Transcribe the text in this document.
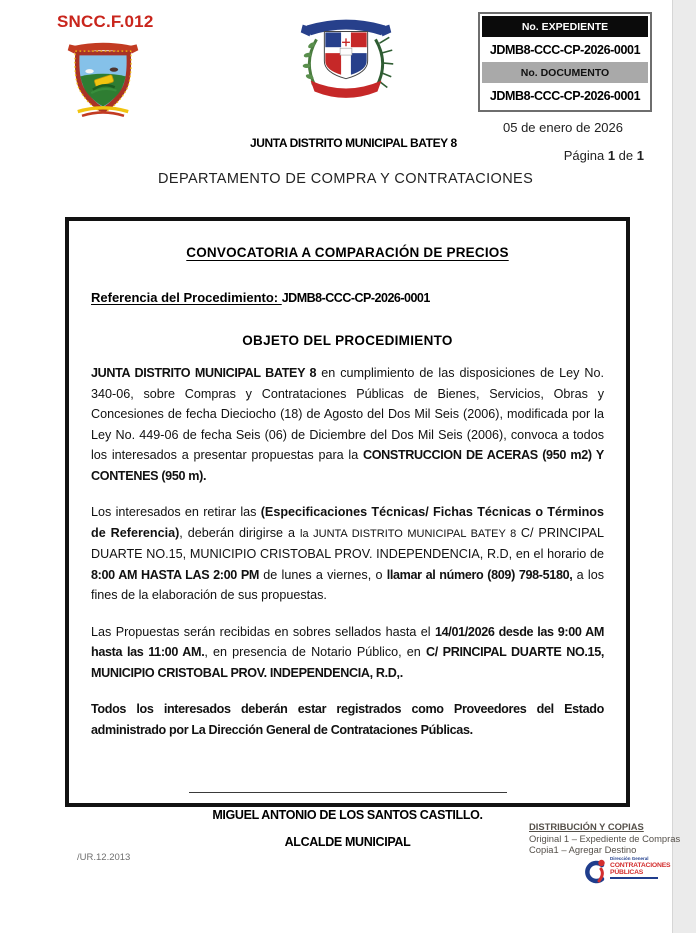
SNCC.F.012	No. EXPEDIENTE
JDMB8-CCC-CP-2026-0001
No. DOCUMENTO
JDMB8-CCC-CP-2026-0001
05 de enero de 2026
JUNTA DISTRITO MUNICIPAL BATEY 8
Página 1 de 1
DEPARTAMENTO DE COMPRA Y CONTRATACIONES
CONVOCATORIA A COMPARACIÓN DE PRECIOS
Referencia del Procedimiento: JDMB8-CCC-CP-2026-0001
OBJETO DEL PROCEDIMIENTO

JUNTA DISTRITO MUNICIPAL BATEY 8 en cumplimiento de las disposiciones de Ley No. 340-06, sobre Compras y Contrataciones Públicas de Bienes, Servicios, Obras y Concesiones de fecha Dieciocho (18) de Agosto del Dos Mil Seis (2006), modificada por la Ley No. 449-06 de fecha Seis (06) de Diciembre del Dos Mil Seis (2006), convoca a todos los interesados a presentar propuestas para la CONSTRUCCION DE ACERAS (950 m2) Y CONTENES (950 m).

Los interesados en retirar las (Especificaciones Técnicas/ Fichas Técnicas o Términos de Referencia), deberán dirigirse a la JUNTA DISTRITO MUNICIPAL BATEY 8 C/ PRINCIPAL DUARTE NO.15, MUNICIPIO CRISTOBAL PROV. INDEPENDENCIA, R.D, en el horario de 8:00 AM HASTA LAS 2:00 PM de lunes a viernes, o llamar al número (809) 798-5180, a los fines de la elaboración de sus propuestas.

Las Propuestas serán recibidas en sobres sellados hasta el 14/01/2026 desde las 9:00 AM hasta las 11:00 AM., en presencia de Notario Público, en C/ PRINCIPAL DUARTE NO.15, MUNICIPIO CRISTOBAL PROV. INDEPENDENCIA, R.D,.

Todos los interesados deberán estar registrados como Proveedores del Estado administrado por La Dirección General de Contrataciones Públicas.

MIGUEL ANTONIO DE LOS SANTOS CASTILLO.
ALCALDE MUNICIPAL
DISTRIBUCIÓN Y COPIAS
Original 1 – Expediente de Compras
Copia1 – Agregar Destino
Dirección General
CONTRATACIONES
PÚBLICAS
/UR.12.2013
